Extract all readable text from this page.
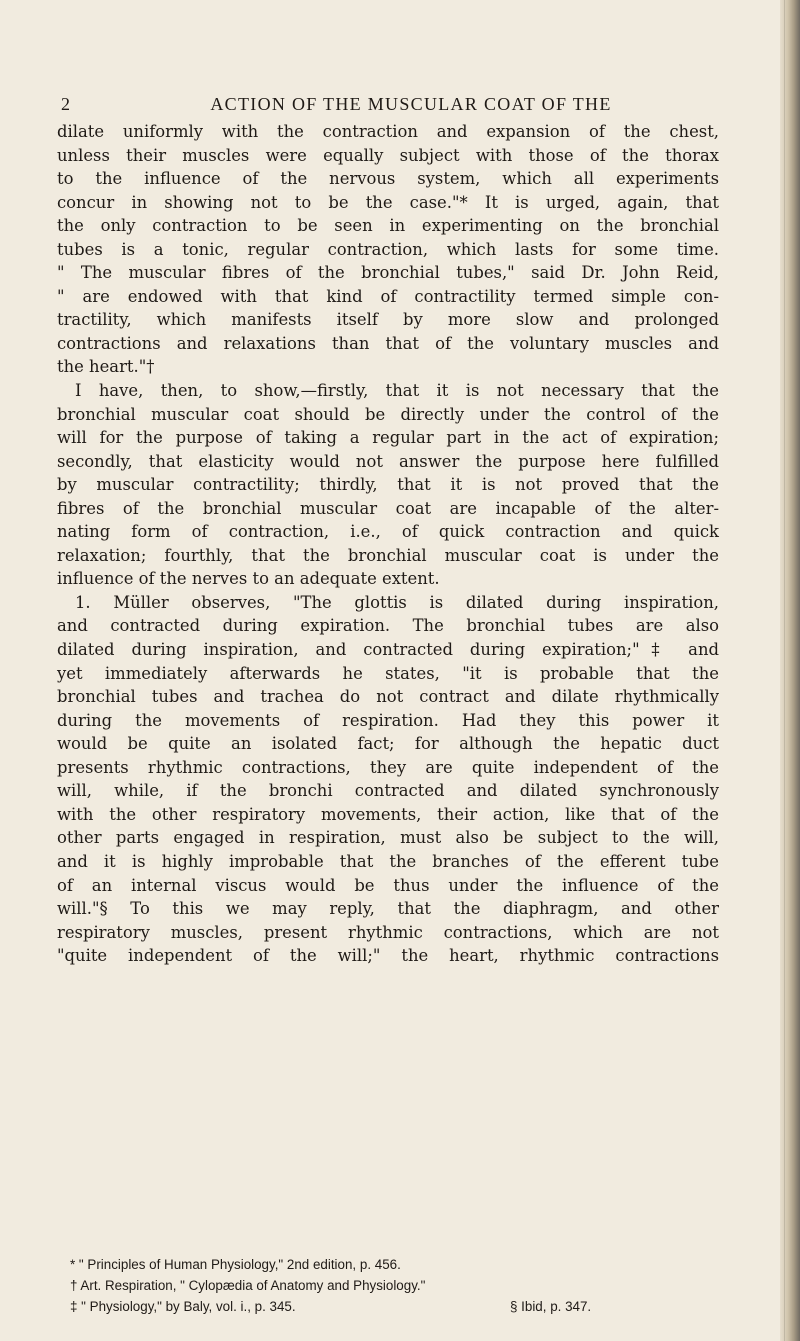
2	ACTION OF THE MUSCULAR COAT OF THE
dilate uniformly with the contraction and expansion of the chest,
unless their muscles were equally subject with those of the thorax
to the influence of the nervous system, which all experiments
concur in showing not to be the case."* It is urged, again, that
the only contraction to be seen in experimenting on the bronchial
tubes is a tonic, regular contraction, which lasts for some time.
" The muscular fibres of the bronchial tubes," said Dr. John Reid,
" are endowed with that kind of contractility termed simple con-
tractility, which manifests itself by more slow and prolonged
contractions and relaxations than that of the voluntary muscles and
the heart."†
I have, then, to show,—firstly, that it is not necessary that the
bronchial muscular coat should be directly under the control of the
will for the purpose of taking a regular part in the act of expiration;
secondly, that elasticity would not answer the purpose here fulfilled
by muscular contractility; thirdly, that it is not proved that the
fibres of the bronchial muscular coat are incapable of the alter-
nating form of contraction, i.e., of quick contraction and quick
relaxation; fourthly, that the bronchial muscular coat is under the
influence of the nerves to an adequate extent.
1. Müller observes, "The glottis is dilated during inspiration,
and contracted during expiration. The bronchial tubes are also
dilated during inspiration, and contracted during expiration;"‡ and
yet immediately afterwards he states, "it is probable that the
bronchial tubes and trachea do not contract and dilate rhythmically
during the movements of respiration. Had they this power it
would be quite an isolated fact; for although the hepatic duct
presents rhythmic contractions, they are quite independent of the
will, while, if the bronchi contracted and dilated synchronously
with the other respiratory movements, their action, like that of the
other parts engaged in respiration, must also be subject to the will,
and it is highly improbable that the branches of the efferent tube
of an internal viscus would be thus under the influence of the
will."§ To this we may reply, that the diaphragm, and other
respiratory muscles, present rhythmic contractions, which are not
"quite independent of the will;" the heart, rhythmic contractions
* " Principles of Human Physiology," 2nd edition, p. 456.
† Art. Respiration, " Cylopædia of Anatomy and Physiology."
‡ " Physiology," by Baly, vol. i., p. 345.	§ Ibid, p. 347.
